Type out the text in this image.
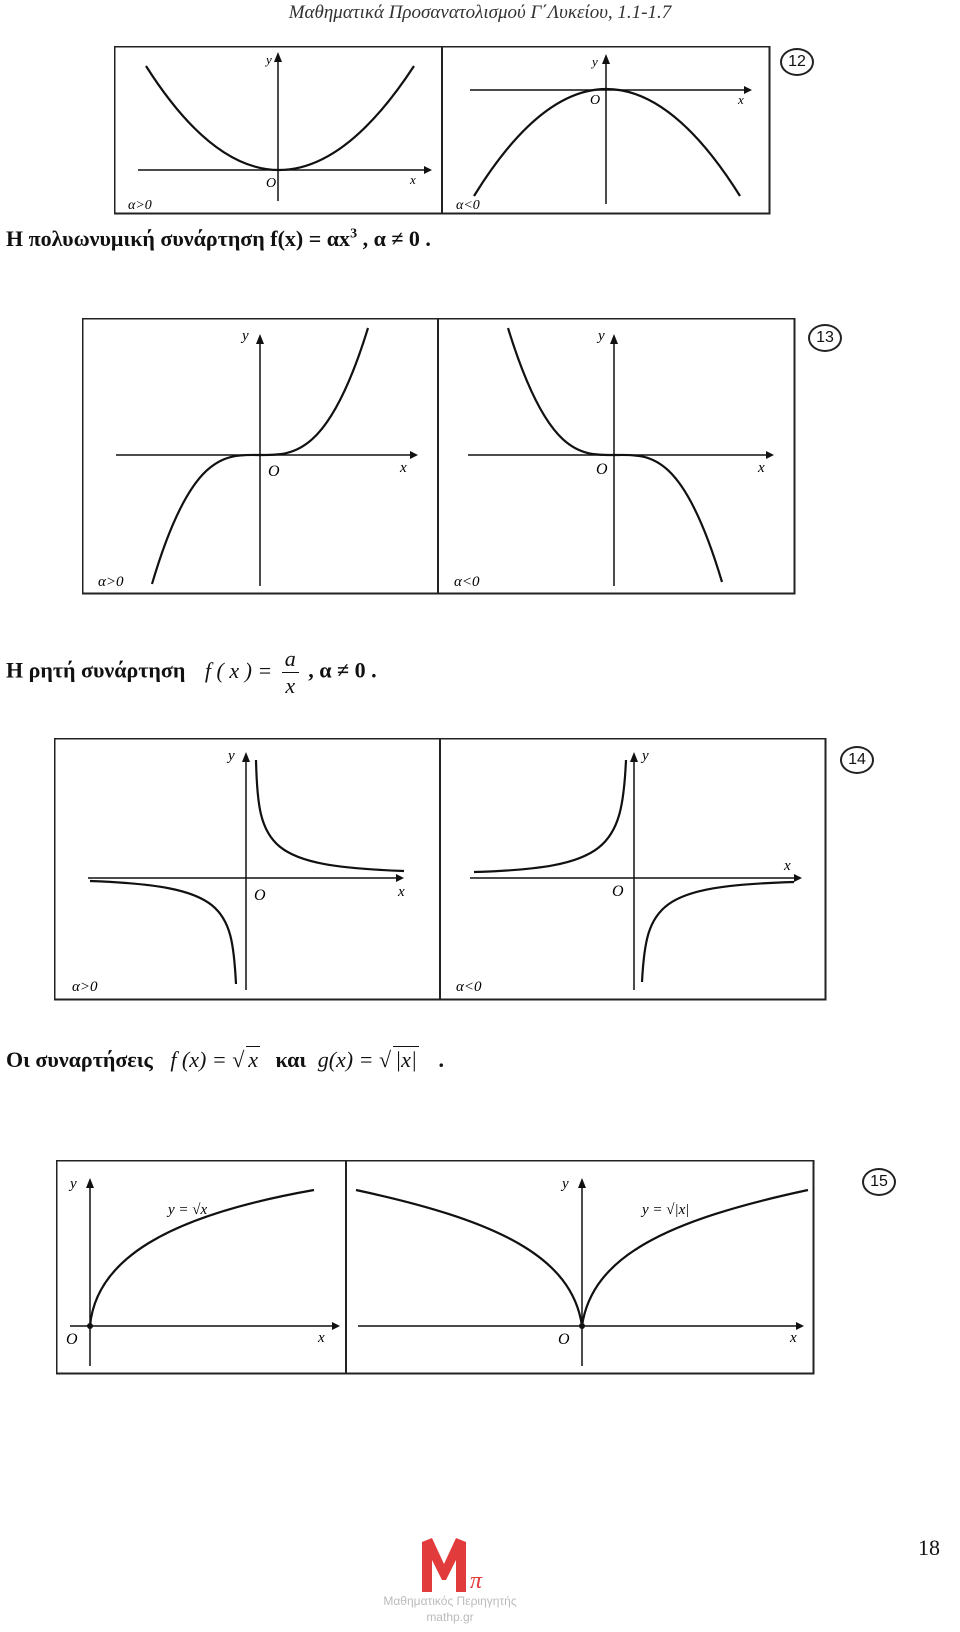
Μαθηματικά Προσανατολισμού Γ΄Λυκείου, 1.1-1.7
O	x
y
α>0
O	x
y
α<0
12
Η πολυωνυμική συνάρτηση $f(x) = \alpha x^3$ , α ≠ 0 .
O	x
y
α>0
O	x
y
α<0
13
Η ρητή συνάρτηση f ( x ) = $\frac{a}{x}$ , α ≠ 0 .
O	x
y
α>0
O
x
y
α<0
14
Οι συναρτήσεις f (x) = √ x και g(x) = √ |x| .
O	x
y
y = √x
O	x
y
y = √|x|
15
π
Μαθηματικός Περιηγητής
mathp.gr
18
